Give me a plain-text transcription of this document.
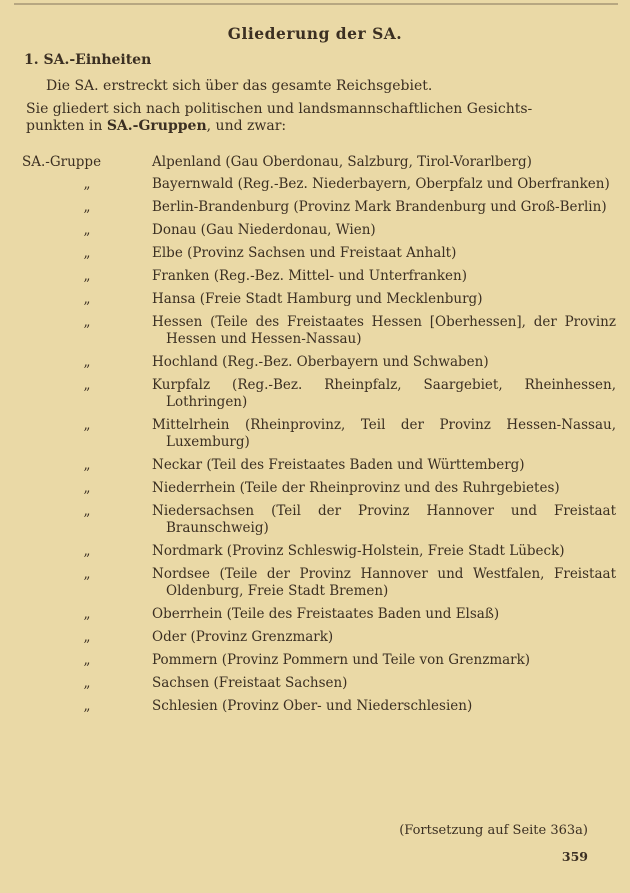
Gliederung der SA.
1. SA.-Einheiten
Die SA. erstreckt sich über das gesamte Reichsgebiet.
Sie gliedert sich nach politischen und landsmannschaftlichen Gesichts-
punkten in SA.-Gruppen, und zwar:
SA.-Gruppe	Alpenland (Gau Oberdonau, Salzburg, Tirol-Vorarlberg)
„	Bayernwald (Reg.-Bez. Niederbayern, Oberpfalz und Oberfranken)
„	Berlin-Brandenburg (Provinz Mark Brandenburg und Groß-Berlin)
„	Donau (Gau Niederdonau, Wien)
„	Elbe (Provinz Sachsen und Freistaat Anhalt)
„	Franken (Reg.-Bez. Mittel- und Unterfranken)
„	Hansa (Freie Stadt Hamburg und Mecklenburg)
„	Hessen (Teile des Freistaates Hessen [Oberhessen], der Provinz Hessen und Hessen-Nassau)
„	Hochland (Reg.-Bez. Oberbayern und Schwaben)
„	Kurpfalz (Reg.-Bez. Rheinpfalz, Saargebiet, Rheinhessen, Lothringen)
„	Mittelrhein (Rheinprovinz, Teil der Provinz Hessen-Nassau, Luxemburg)
„	Neckar (Teil des Freistaates Baden und Württemberg)
„	Niederrhein (Teile der Rheinprovinz und des Ruhrgebietes)
„	Niedersachsen (Teil der Provinz Hannover und Freistaat Braunschweig)
„	Nordmark (Provinz Schleswig-Holstein, Freie Stadt Lübeck)
„	Nordsee (Teile der Provinz Hannover und Westfalen, Freistaat Oldenburg, Freie Stadt Bremen)
„	Oberrhein (Teile des Freistaates Baden und Elsaß)
„	Oder (Provinz Grenzmark)
„	Pommern (Provinz Pommern und Teile von Grenzmark)
„	Sachsen (Freistaat Sachsen)
„	Schlesien (Provinz Ober- und Niederschlesien)
(Fortsetzung auf Seite 363a)
359
